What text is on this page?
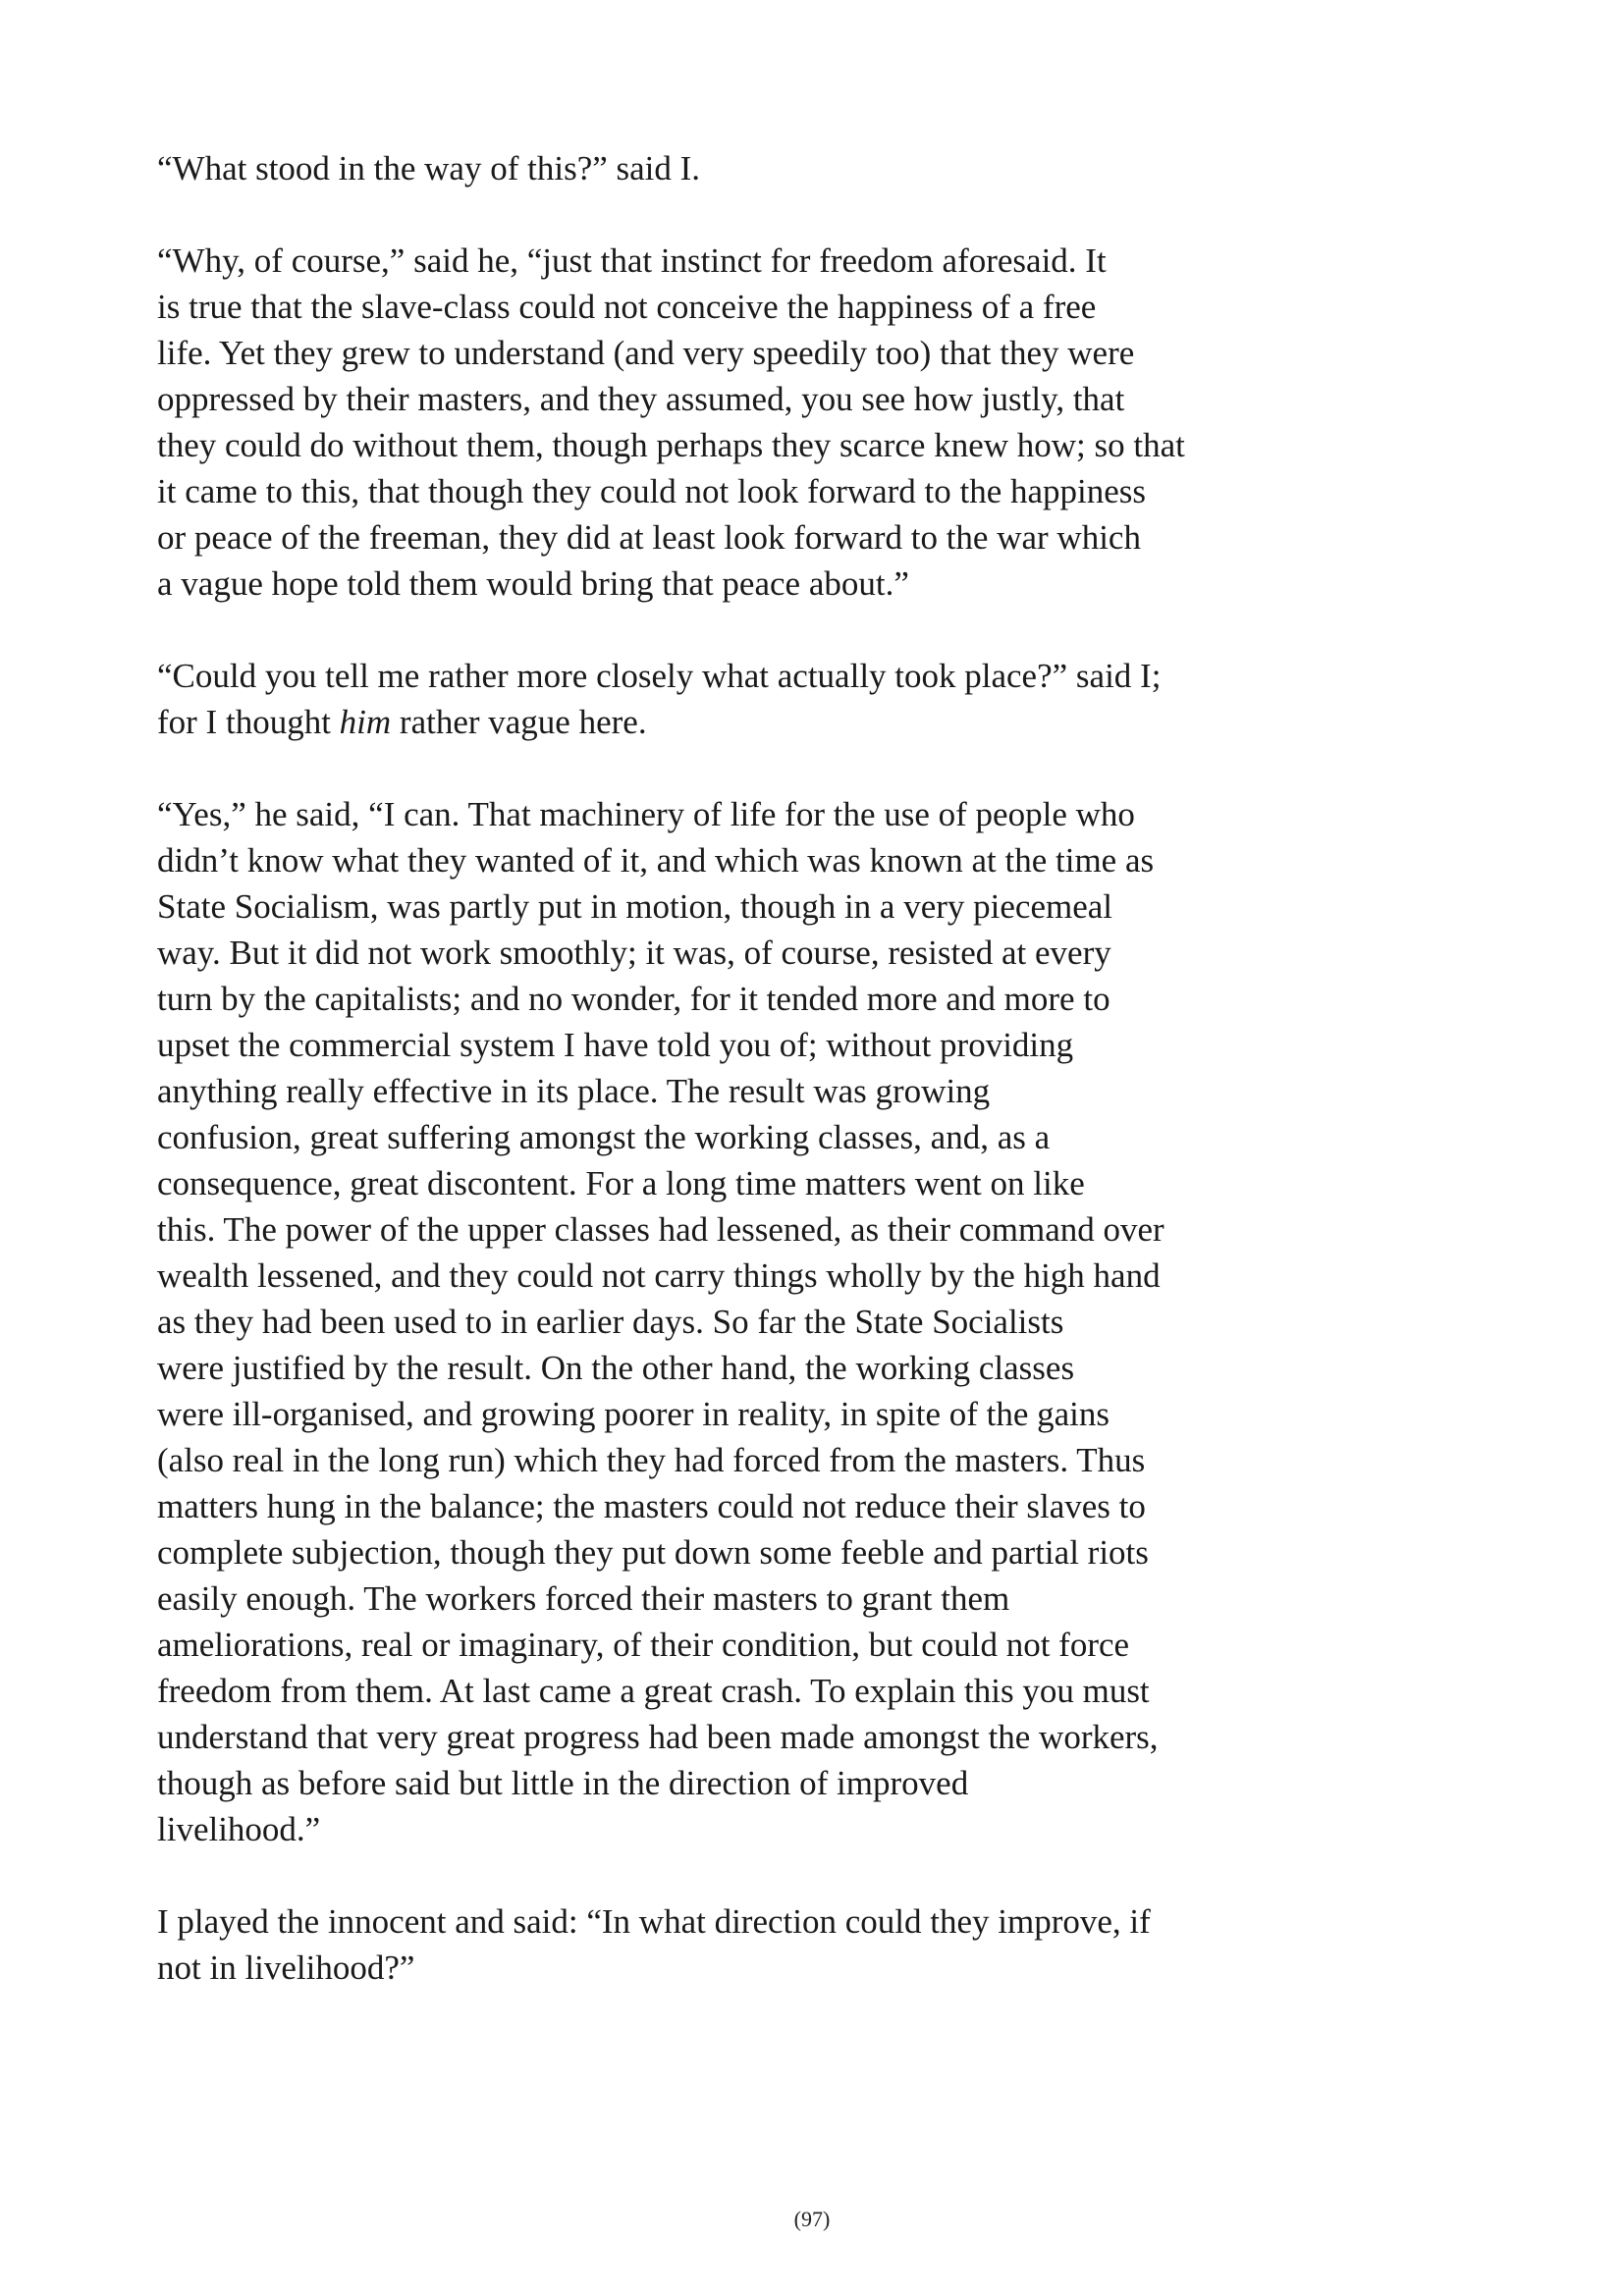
“What stood in the way of this?” said I.

“Why, of course,” said he, “just that instinct for freedom aforesaid. It
is true that the slave-class could not conceive the happiness of a free
life. Yet they grew to understand (and very speedily too) that they were
oppressed by their masters, and they assumed, you see how justly, that
they could do without them, though perhaps they scarce knew how; so that
it came to this, that though they could not look forward to the happiness
or peace of the freeman, they did at least look forward to the war which
a vague hope told them would bring that peace about.”

“Could you tell me rather more closely what actually took place?” said I;
for I thought him rather vague here.

“Yes,” he said, “I can. That machinery of life for the use of people who
didn’t know what they wanted of it, and which was known at the time as
State Socialism, was partly put in motion, though in a very piecemeal
way. But it did not work smoothly; it was, of course, resisted at every
turn by the capitalists; and no wonder, for it tended more and more to
upset the commercial system I have told you of; without providing
anything really effective in its place. The result was growing
confusion, great suffering amongst the working classes, and, as a
consequence, great discontent. For a long time matters went on like
this. The power of the upper classes had lessened, as their command over
wealth lessened, and they could not carry things wholly by the high hand
as they had been used to in earlier days. So far the State Socialists
were justified by the result. On the other hand, the working classes
were ill-organised, and growing poorer in reality, in spite of the gains
(also real in the long run) which they had forced from the masters. Thus
matters hung in the balance; the masters could not reduce their slaves to
complete subjection, though they put down some feeble and partial riots
easily enough. The workers forced their masters to grant them
ameliorations, real or imaginary, of their condition, but could not force
freedom from them. At last came a great crash. To explain this you must
understand that very great progress had been made amongst the workers,
though as before said but little in the direction of improved
livelihood.”

I played the innocent and said: “In what direction could they improve, if
not in livelihood?”

(97)
